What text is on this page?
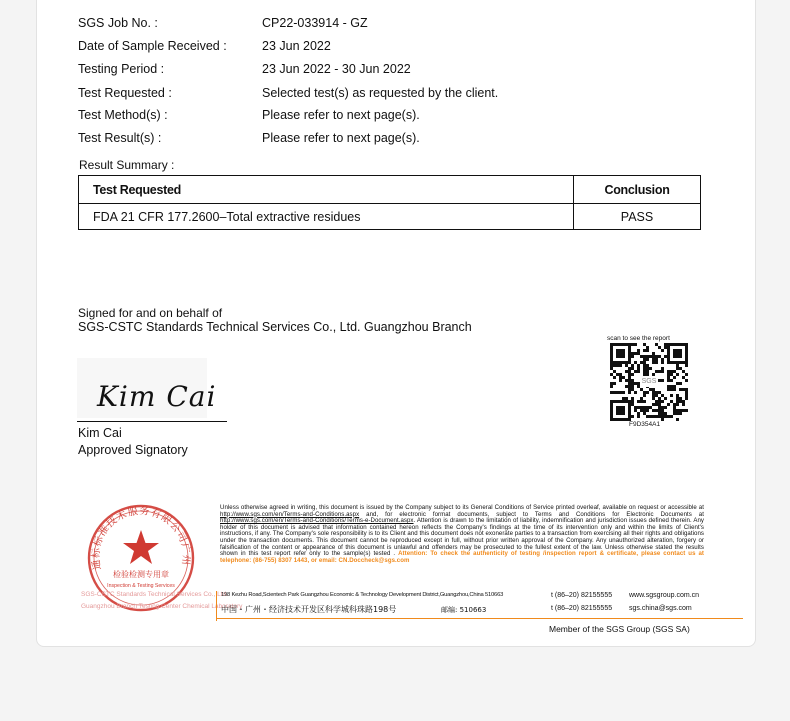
SGS Job No. :	CP22-033914 - GZ
Date of Sample Received :	23 Jun 2022
Testing Period :	23 Jun 2022 - 30 Jun 2022
Test Requested :	Selected test(s) as requested by the client.
Test Method(s) :	Please refer to next page(s).
Test Result(s) :	Please refer to next page(s).
Result Summary :
Test Requested	Conclusion
FDA 21 CFR 177.2600–Total extractive residues	PASS
Signed for and on behalf of
SGS-CSTC Standards Technical Services Co., Ltd. Guangzhou Branch
Kim Cai
Kim Cai
Approved Signatory
scan to see the report
SGS
F9D354A1
通标标准技术服务有限公司广州
检验检测专用章
Inspection & Testing Services
SGS-CSTC Standards Technical Services Co., Ltd.
Guangzhou Branch Testing Center Chemical Laboratory
Unless otherwise agreed in writing, this document is issued by the Company subject to its General Conditions of Service printed overleaf, available on request or accessible at http://www.sgs.com/en/Terms-and-Conditions.aspx and, for electronic format documents, subject to Terms and Conditions for Electronic Documents at http://www.sgs.com/en/Terms-and-Conditions/Terms-e-Document.aspx. Attention is drawn to the limitation of liability, indemnification and jurisdiction issues defined therein. Any holder of this document is advised that information contained hereon reflects the Company's findings at the time of its intervention only and within the limits of Client's instructions, if any. The Company's sole responsibility is to its Client and this document does not exonerate parties to a transaction from exercising all their rights and obligations under the transaction documents. This document cannot be reproduced except in full, without prior written approval of the Company. Any unauthorized alteration, forgery or falsification of the content or appearance of this document is unlawful and offenders may be prosecuted to the fullest extent of the law. Unless otherwise stated the results shown in this test report refer only to the sample(s) tested . Attention: To check the authenticity of testing /inspection report & certificate, please contact us at telephone: (86-755) 8307 1443, or email: CN.Doccheck@sgs.com
198 Kezhu Road,Scientech Park Guangzhou Economic & Technology Development District,Guangzhou,China 510663	t (86–20) 82155555 www.sgsgroup.com.cn
中国・广州・经济技术开发区科学城科珠路198号	邮编: 510663	t (86–20) 82155555 sgs.china@sgs.com
Member of the SGS Group (SGS SA)
